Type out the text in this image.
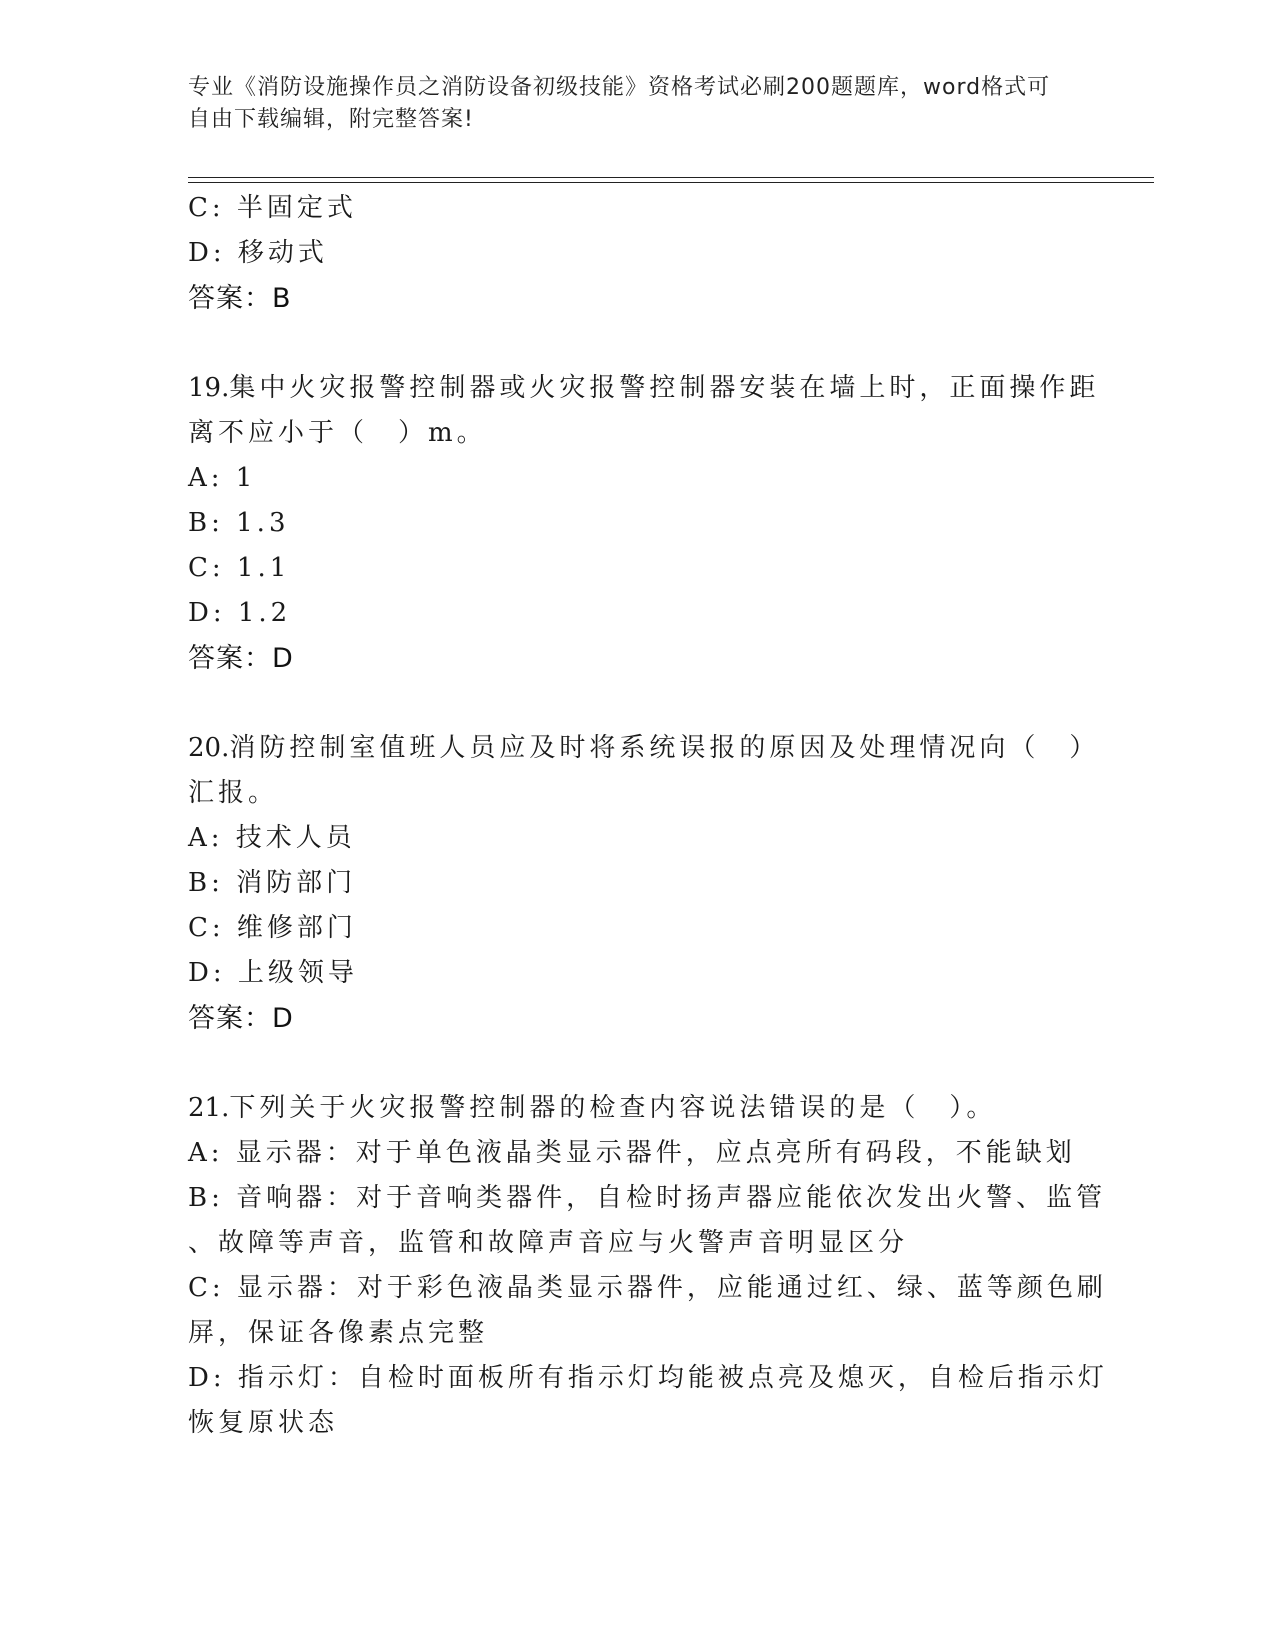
专业《消防设施操作员之消防设备初级技能》资格考试必刷200题题库，word格式可自由下载编辑，附完整答案!
C: 半固定式
D: 移动式
答案：B
19.集中火灾报警控制器或火灾报警控制器安装在墙上时，正面操作距
离不应小于（　）m。
A: 1
B: 1.3
C: 1.1
D: 1.2
答案：D
20.消防控制室值班人员应及时将系统误报的原因及处理情况向（　）
汇报。
A: 技术人员
B: 消防部门
C: 维修部门
D: 上级领导
答案：D
21.下列关于火灾报警控制器的检查内容说法错误的是（　）。
A: 显示器：对于单色液晶类显示器件，应点亮所有码段，不能缺划
B: 音响器：对于音响类器件，自检时扬声器应能依次发出火警、监管
、故障等声音，监管和故障声音应与火警声音明显区分
C: 显示器：对于彩色液晶类显示器件，应能通过红、绿、蓝等颜色刷
屏，保证各像素点完整
D: 指示灯：自检时面板所有指示灯均能被点亮及熄灭，自检后指示灯
恢复原状态
